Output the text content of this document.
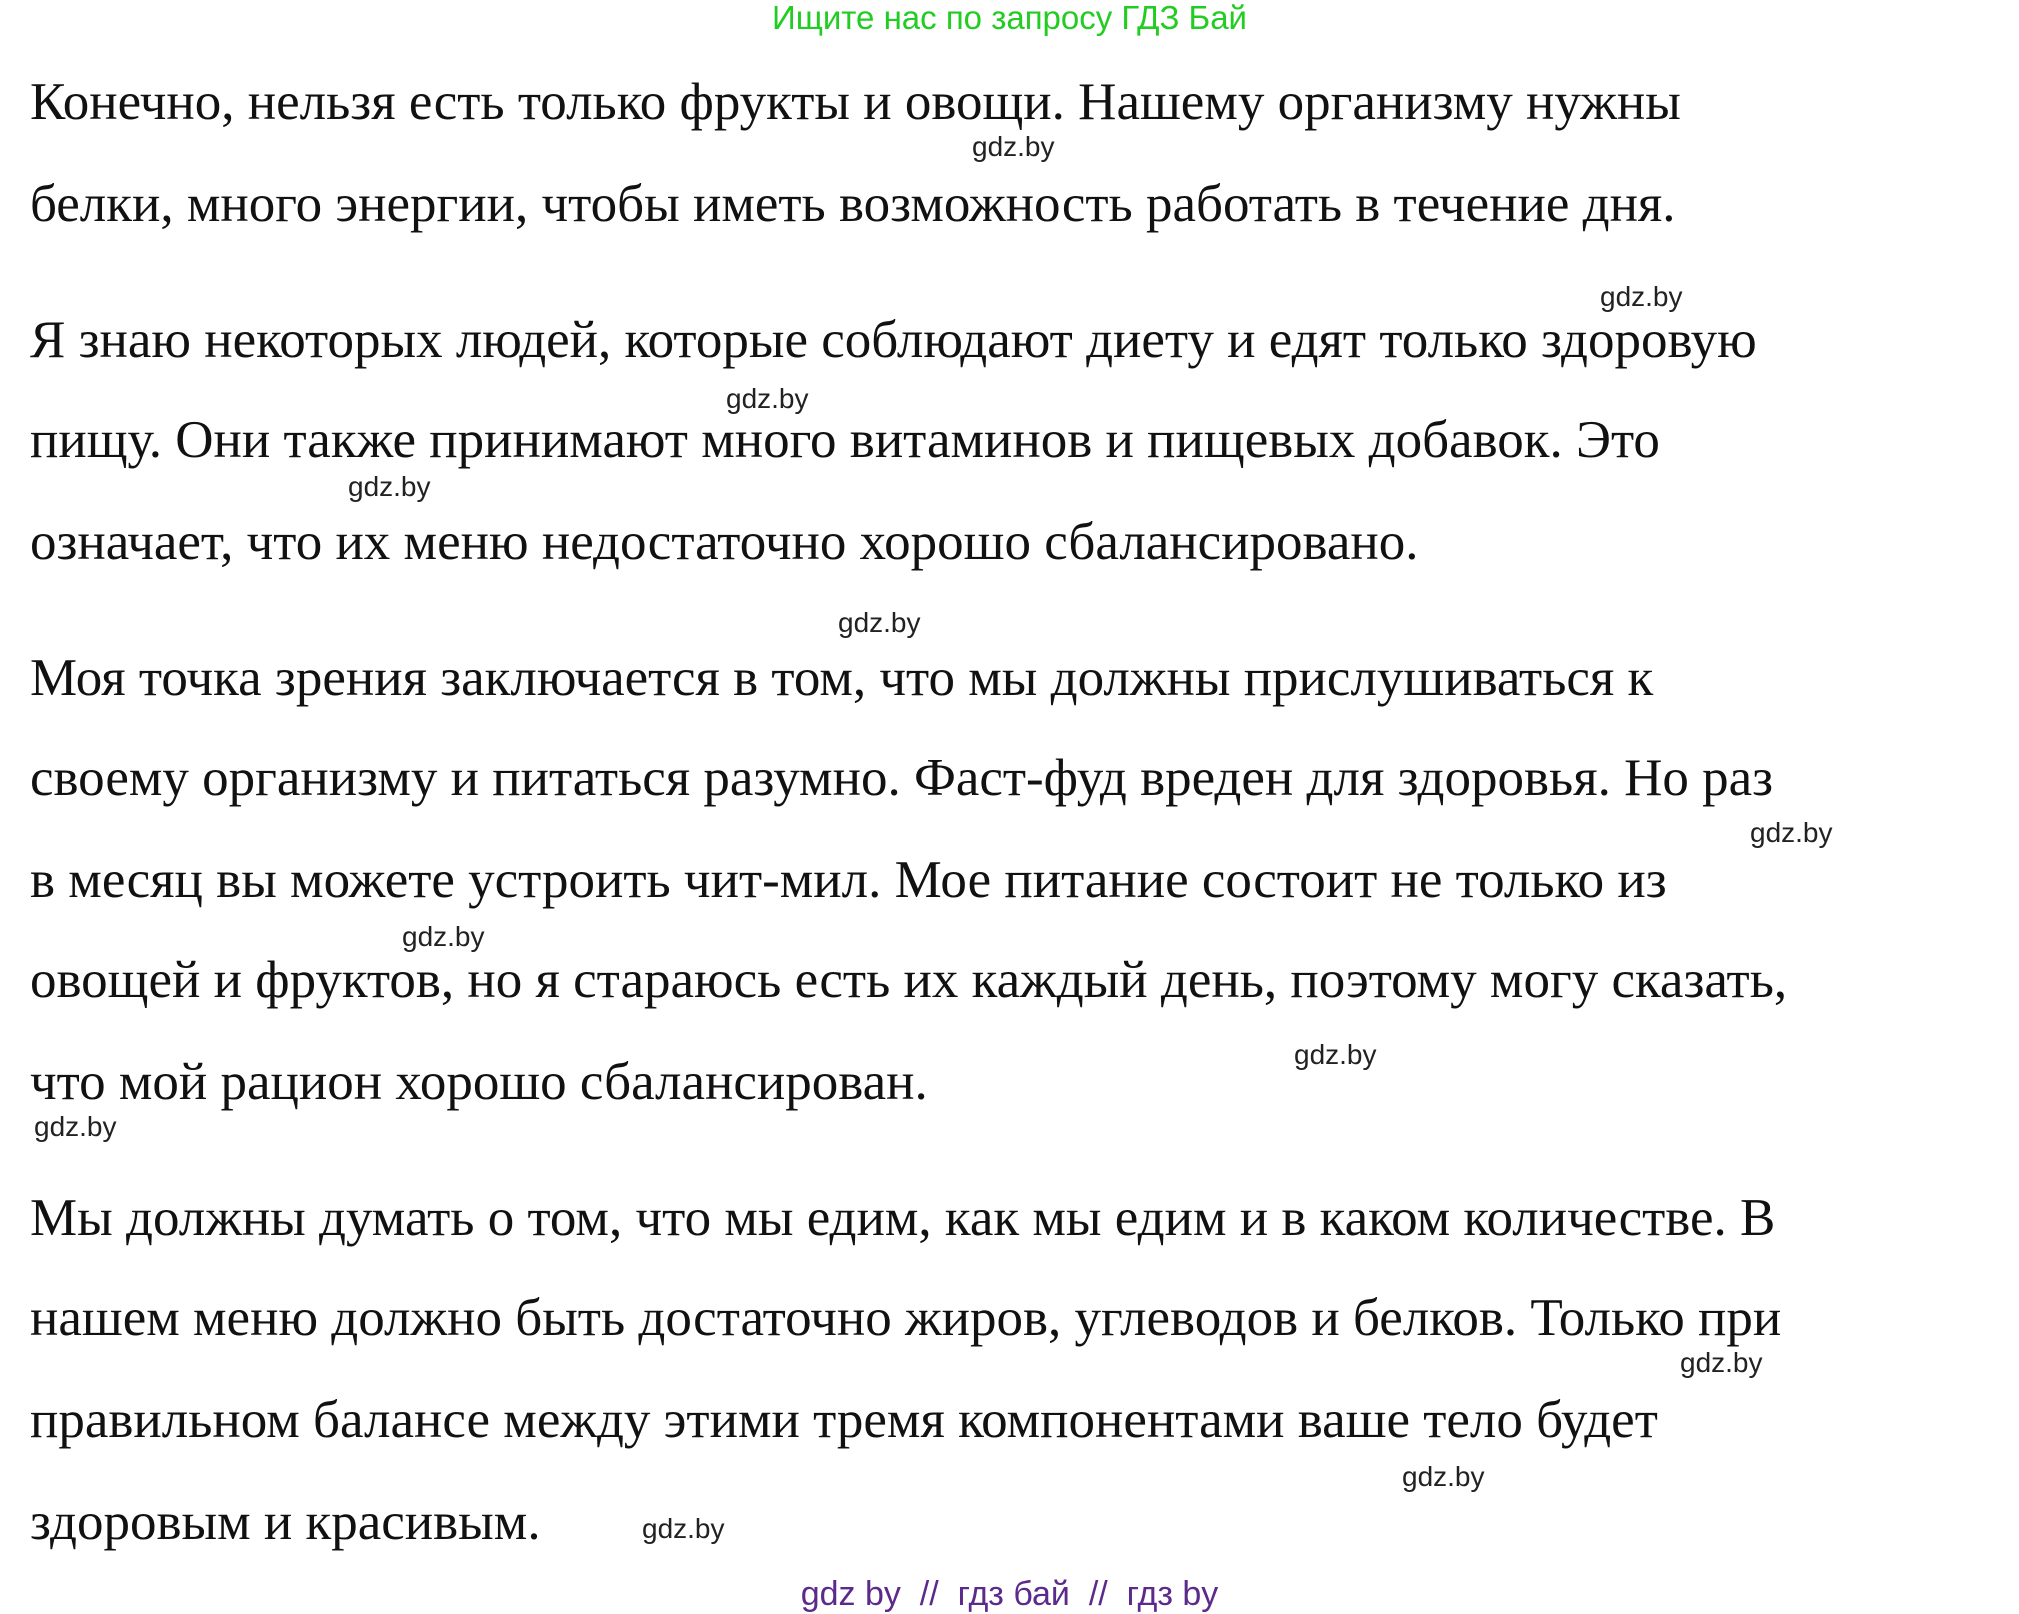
Ищите нас по запросу ГДЗ Бай
Конечно, нельзя есть только фрукты и овощи. Нашему организму нужны
белки, много энергии, чтобы иметь возможность работать в течение дня.
Я знаю некоторых людей, которые соблюдают диету и едят только здоровую
пищу. Они также принимают много витаминов и пищевых добавок. Это
означает, что их меню недостаточно хорошо сбалансировано.
Моя точка зрения заключается в том, что мы должны прислушиваться к
своему организму и питаться разумно. Фаст-фуд вреден для здоровья. Но раз
в месяц вы можете устроить чит-мил. Мое питание состоит не только из
овощей и фруктов, но я стараюсь есть их каждый день, поэтому могу сказать,
что мой рацион хорошо сбалансирован.
Мы должны думать о том, что мы едим, как мы едим и в каком количестве. В
нашем меню должно быть достаточно жиров, углеводов и белков. Только при
правильном балансе между этими тремя компонентами ваше тело будет
здоровым и красивым.
gdz.by
gdz.by
gdz.by
gdz.by
gdz.by
gdz.by
gdz.by
gdz.by
gdz.by
gdz.by
gdz.by
gdz.by
gdz by  //  гдз бай  //  гдз by
